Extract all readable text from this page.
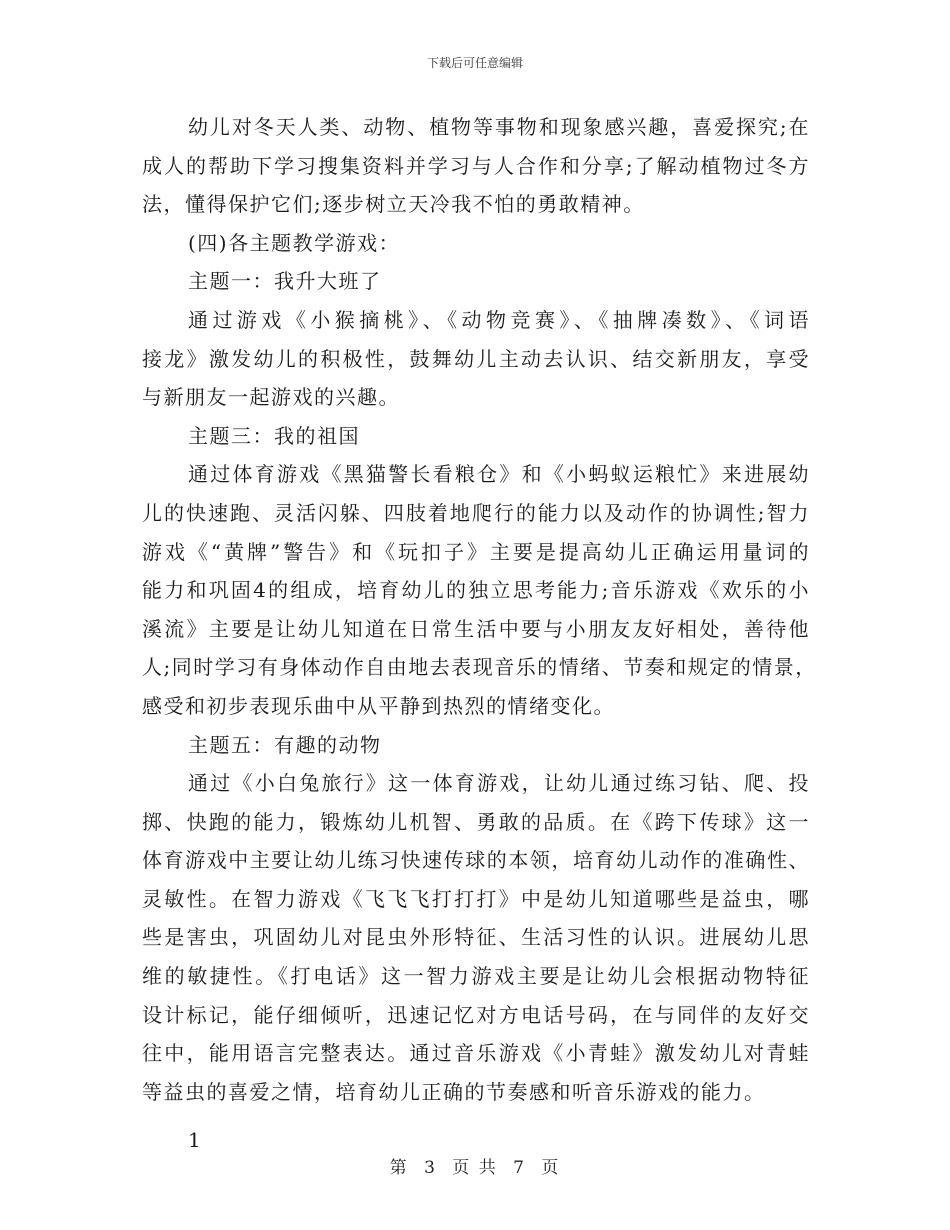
下载后可任意编辑
幼儿对冬天人类、动物、植物等事物和现象感兴趣，喜爱探究;在
成人的帮助下学习搜集资料并学习与人合作和分享;了解动植物过冬方
法，懂得保护它们;逐步树立天冷我不怕的勇敢精神。
(四)各主题教学游戏：
主题一：我升大班了
通过游戏《小猴摘桃》、《动物竞赛》、《抽牌凑数》、《词语
接龙》激发幼儿的积极性，鼓舞幼儿主动去认识、结交新朋友，享受
与新朋友一起游戏的兴趣。
主题三：我的祖国
通过体育游戏《黑猫警长看粮仓》和《小蚂蚁运粮忙》来进展幼
儿的快速跑、灵活闪躲、四肢着地爬行的能力以及动作的协调性;智力
游戏《“黄牌”警告》和《玩扣子》主要是提高幼儿正确运用量词的
能力和巩固4的组成，培育幼儿的独立思考能力;音乐游戏《欢乐的小
溪流》主要是让幼儿知道在日常生活中要与小朋友友好相处，善待他
人;同时学习有身体动作自由地去表现音乐的情绪、节奏和规定的情景，
感受和初步表现乐曲中从平静到热烈的情绪变化。
主题五：有趣的动物
通过《小白兔旅行》这一体育游戏，让幼儿通过练习钻、爬、投
掷、快跑的能力，锻炼幼儿机智、勇敢的品质。在《跨下传球》这一
体育游戏中主要让幼儿练习快速传球的本领，培育幼儿动作的准确性、
灵敏性。在智力游戏《飞飞飞打打打》中是幼儿知道哪些是益虫，哪
些是害虫，巩固幼儿对昆虫外形特征、生活习性的认识。进展幼儿思
维的敏捷性。《打电话》这一智力游戏主要是让幼儿会根据动物特征
设计标记，能仔细倾听，迅速记忆对方电话号码，在与同伴的友好交
往中，能用语言完整表达。通过音乐游戏《小青蛙》激发幼儿对青蛙
等益虫的喜爱之情，培育幼儿正确的节奏感和听音乐游戏的能力。
1
第 3 页 共 7 页
